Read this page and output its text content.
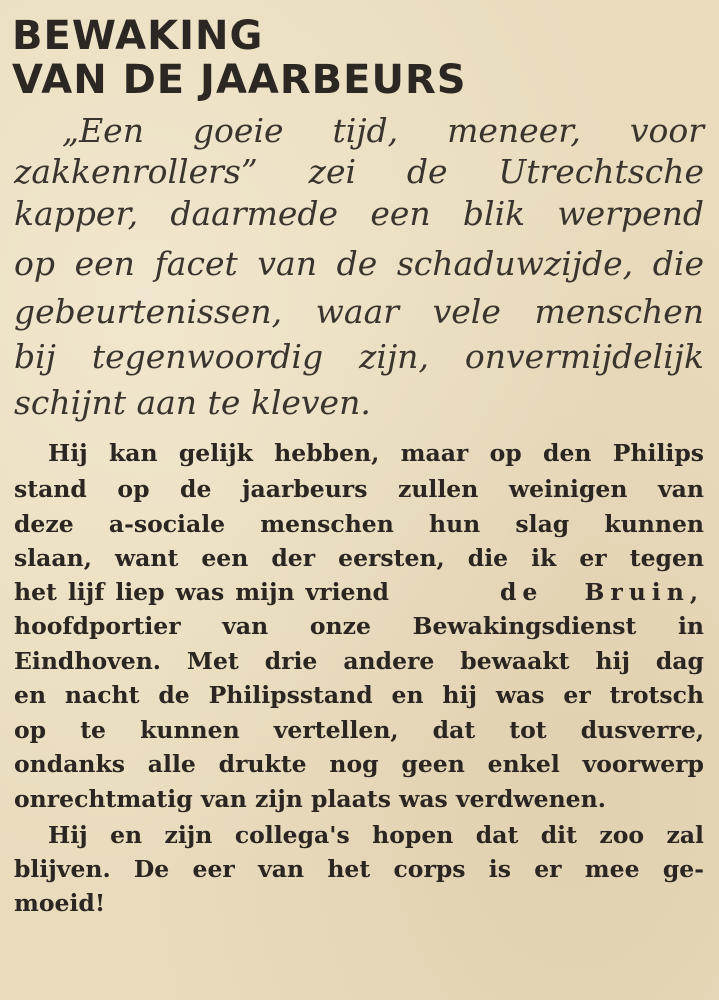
BEWAKING
VAN DE JAARBEURS
„Een goeie tijd, meneer, voor
zakkenrollers” zei de Utrechtsche
kapper, daarmede een blik werpend
op een facet van de schaduwzijde, die
gebeurtenissen, waar vele menschen
bij tegenwoordig zijn, onvermijdelijk
schijnt aan te kleven.
Hij kan gelijk hebben, maar op den Philips
stand op de jaarbeurs zullen weinigen van
deze a-sociale menschen hun slag kunnen
slaan, want een der eersten, die ik er tegen
het lijf liep was mijn vriend	de Bruin,
hoofdportier van onze Bewakingsdienst in
Eindhoven. Met drie andere bewaakt hij dag
en nacht de Philipsstand en hij was er trotsch
op te kunnen vertellen, dat tot dusverre,
ondanks alle drukte nog geen enkel voorwerp
onrechtmatig van zijn plaats was verdwenen.
Hij en zijn collega's hopen dat dit zoo zal
blijven. De eer van het corps is er mee ge-
moeid!
